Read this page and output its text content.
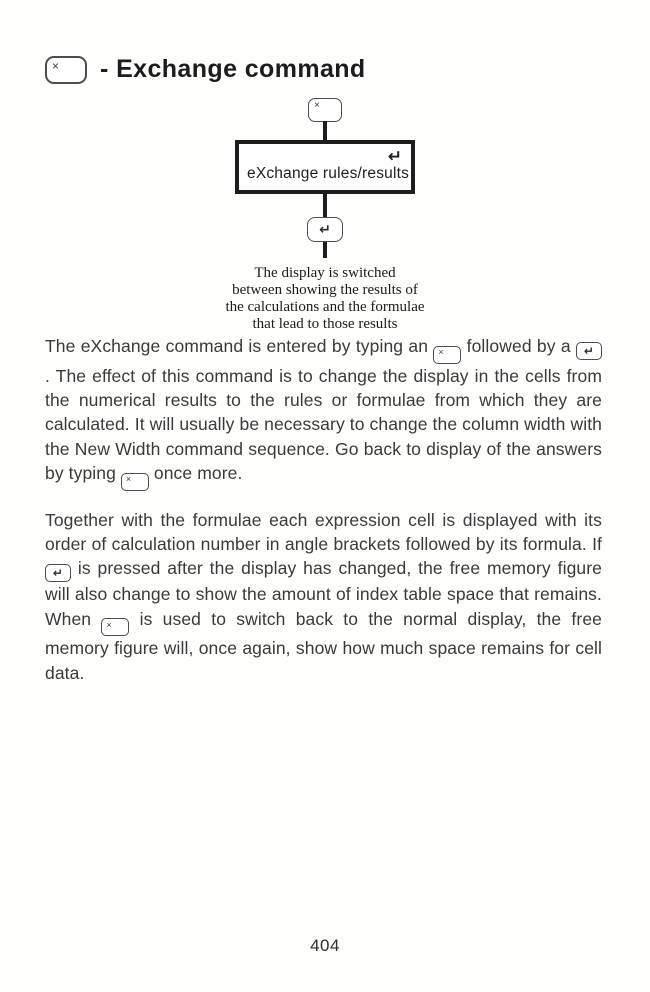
× - Exchange command
×
↵
eXchange rules/results
↵
The display is switched
between showing the results of
the calculations and the formulae
that lead to those results

The eXchange command is entered by typing an × followed by a ↵
. The effect of this command is to change the display in the cells from the numerical results to the rules or formulae from which they are calculated. It will usually be necessary to change the column width with the New Width command sequence. Go back to display of the answers by typing × once more.

Together with the formulae each expression cell is displayed with its order of calculation number in angle brackets followed by its formula. If
↵ is pressed after the display has changed, the free memory figure will also change to show the amount of index table space that remains. When × is used to switch back to the normal display, the free memory figure will, once again, show how much space remains for cell data.

404
